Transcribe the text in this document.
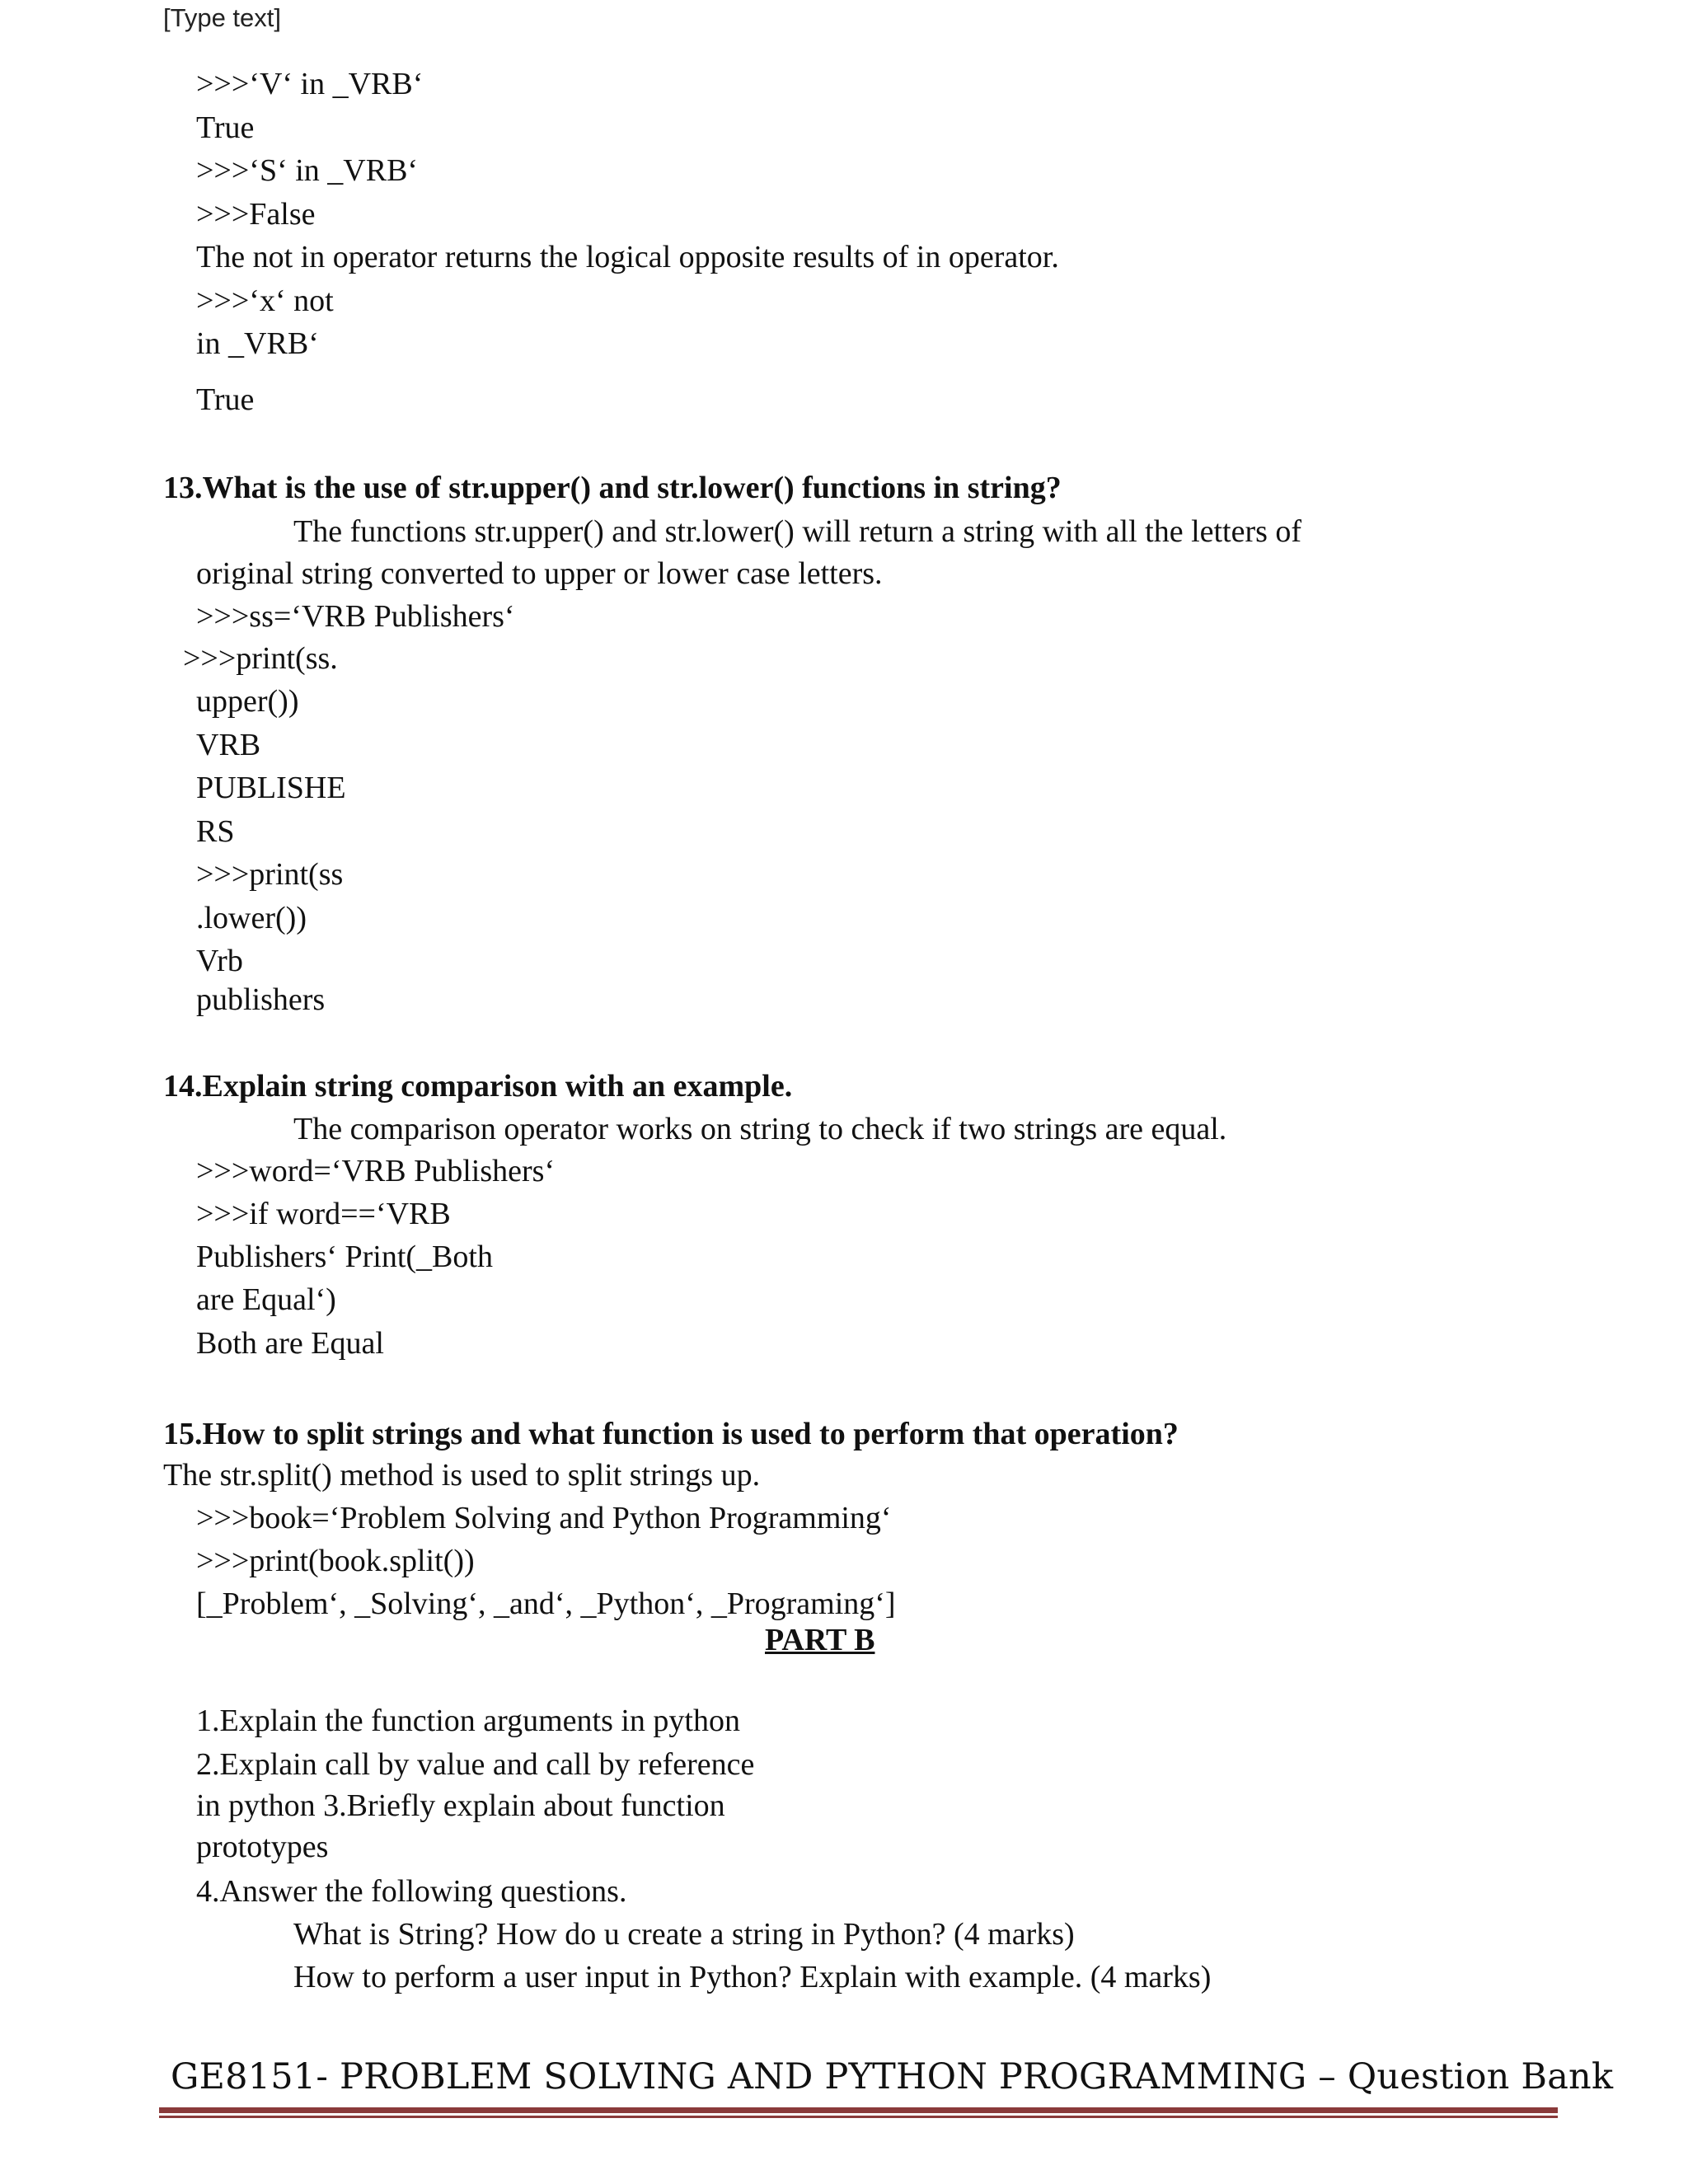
[Type text]
>>>‘V‘ in _VRB‘
True
>>>‘S‘ in _VRB‘
>>>False
The not in operator returns the logical opposite results of in operator.
>>>‘x‘ not
in _VRB‘
True
13.What is the use of str.upper() and str.lower() functions in string?
The functions str.upper() and str.lower() will return a string with all the letters of
original string converted to upper or lower case letters.
>>>ss=‘VRB Publishers‘
>>>print(ss.
upper())
VRB
PUBLISHE
RS
>>>print(ss
.lower())
Vrb
publishers
14.Explain string comparison with an example.
The comparison operator works on string to check if two strings are equal.
>>>word=‘VRB Publishers‘
>>>if word==‘VRB
Publishers‘ Print(_Both
are Equal‘)
Both are Equal
15.How to split strings and what function is used to perform that operation?
The str.split() method is used to split strings up.
>>>book=‘Problem Solving and Python Programming‘
>>>print(book.split())
[_Problem‘, _Solving‘, _and‘, _Python‘, _Programing‘]
PART B
1.Explain the function arguments in python
2.Explain call by value and call by reference
in python 3.Briefly explain about function
prototypes
4.Answer the following questions.
What is String? How do u create a string in Python? (4 marks)
How to perform a user input in Python? Explain with example. (4 marks)
GE8151- PROBLEM SOLVING AND PYTHON PROGRAMMING – Question Bank
